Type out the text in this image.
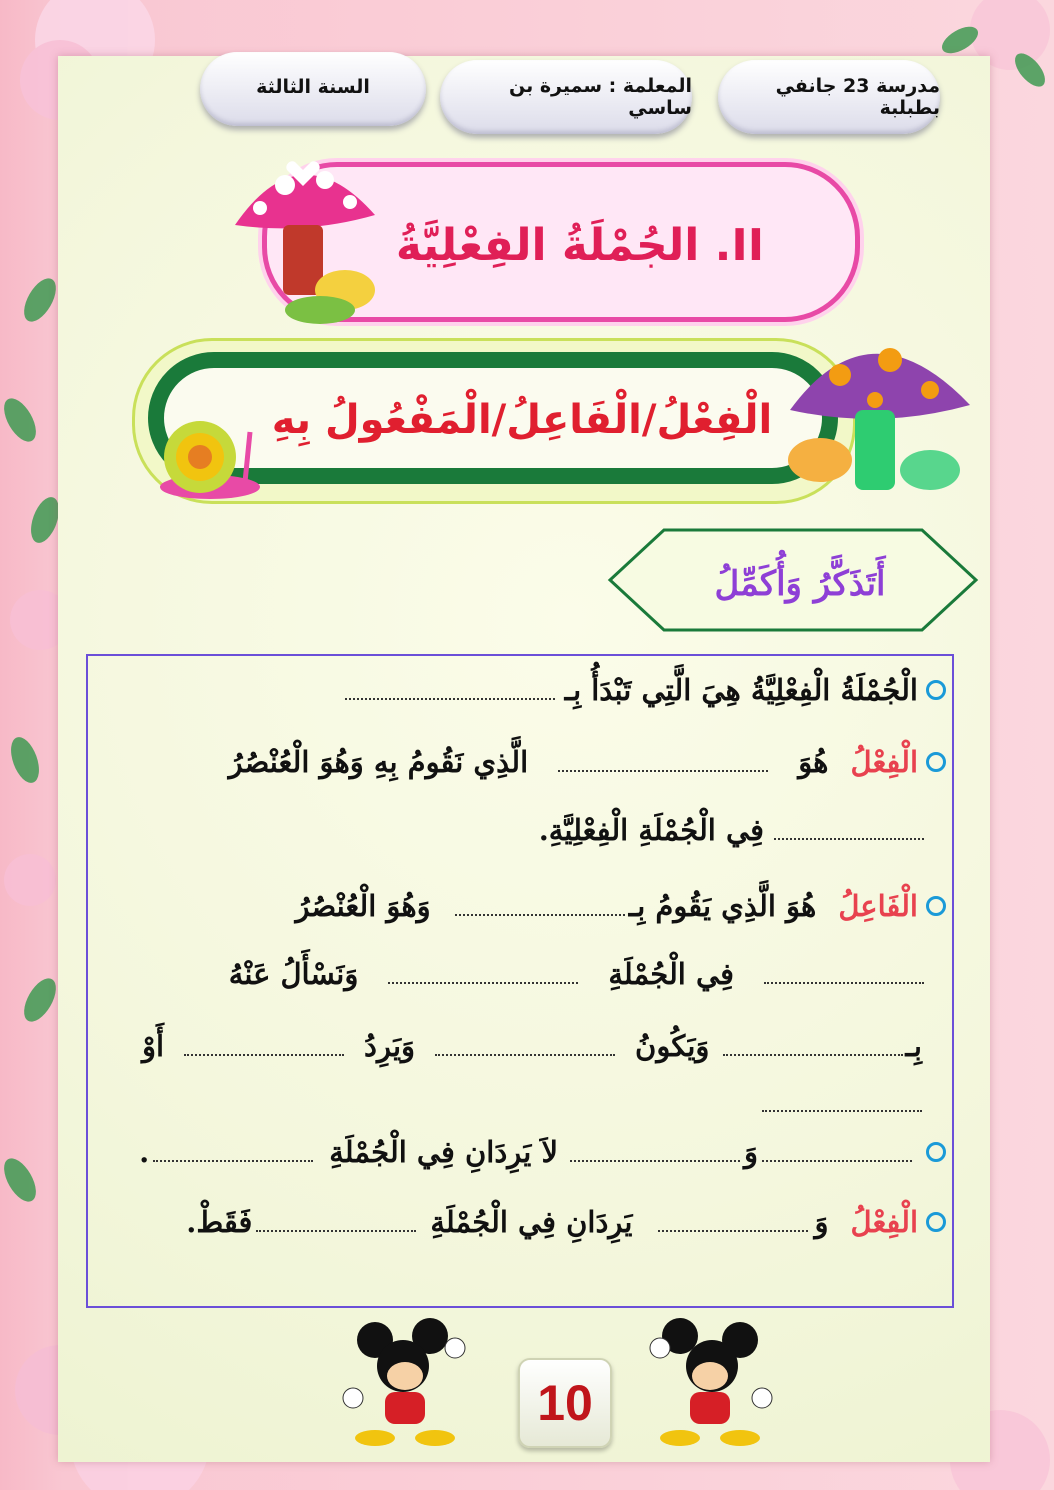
مدرسة 23 جانفي بطبلبة
المعلمة : سميرة بن ساسي
السنة الثالثة
II. الجُمْلَةُ الفِعْلِيَّةُ
الْفِعْلُ/الْفَاعِلُ/الْمَفْعُولُ بِهِ
أَتَذَكَّرُ وَأُكَمِّلُ
الْجُمْلَةُ الْفِعْلِيَّةُ هِيَ الَّتِي تَبْدَأُ بِـ
الْفِعْلُ
هُوَ
الَّذِي نَقُومُ بِهِ وَهُوَ الْعُنْصُرُ
فِي الْجُمْلَةِ الْفِعْلِيَّةِ.
الْفَاعِلُ
هُوَ الَّذِي يَقُومُ بِـ
وَهُوَ الْعُنْصُرُ
فِي الْجُمْلَةِ
وَنَسْأَلُ عَنْهُ
بِـ
وَيَكُونُ
وَيَرِدُ
أَوْ
وَ
لاَ يَرِدَانِ فِي الْجُمْلَةِ
.
الْفِعْلُ
وَ
يَرِدَانِ فِي الْجُمْلَةِ
فَقَطْ.
10
